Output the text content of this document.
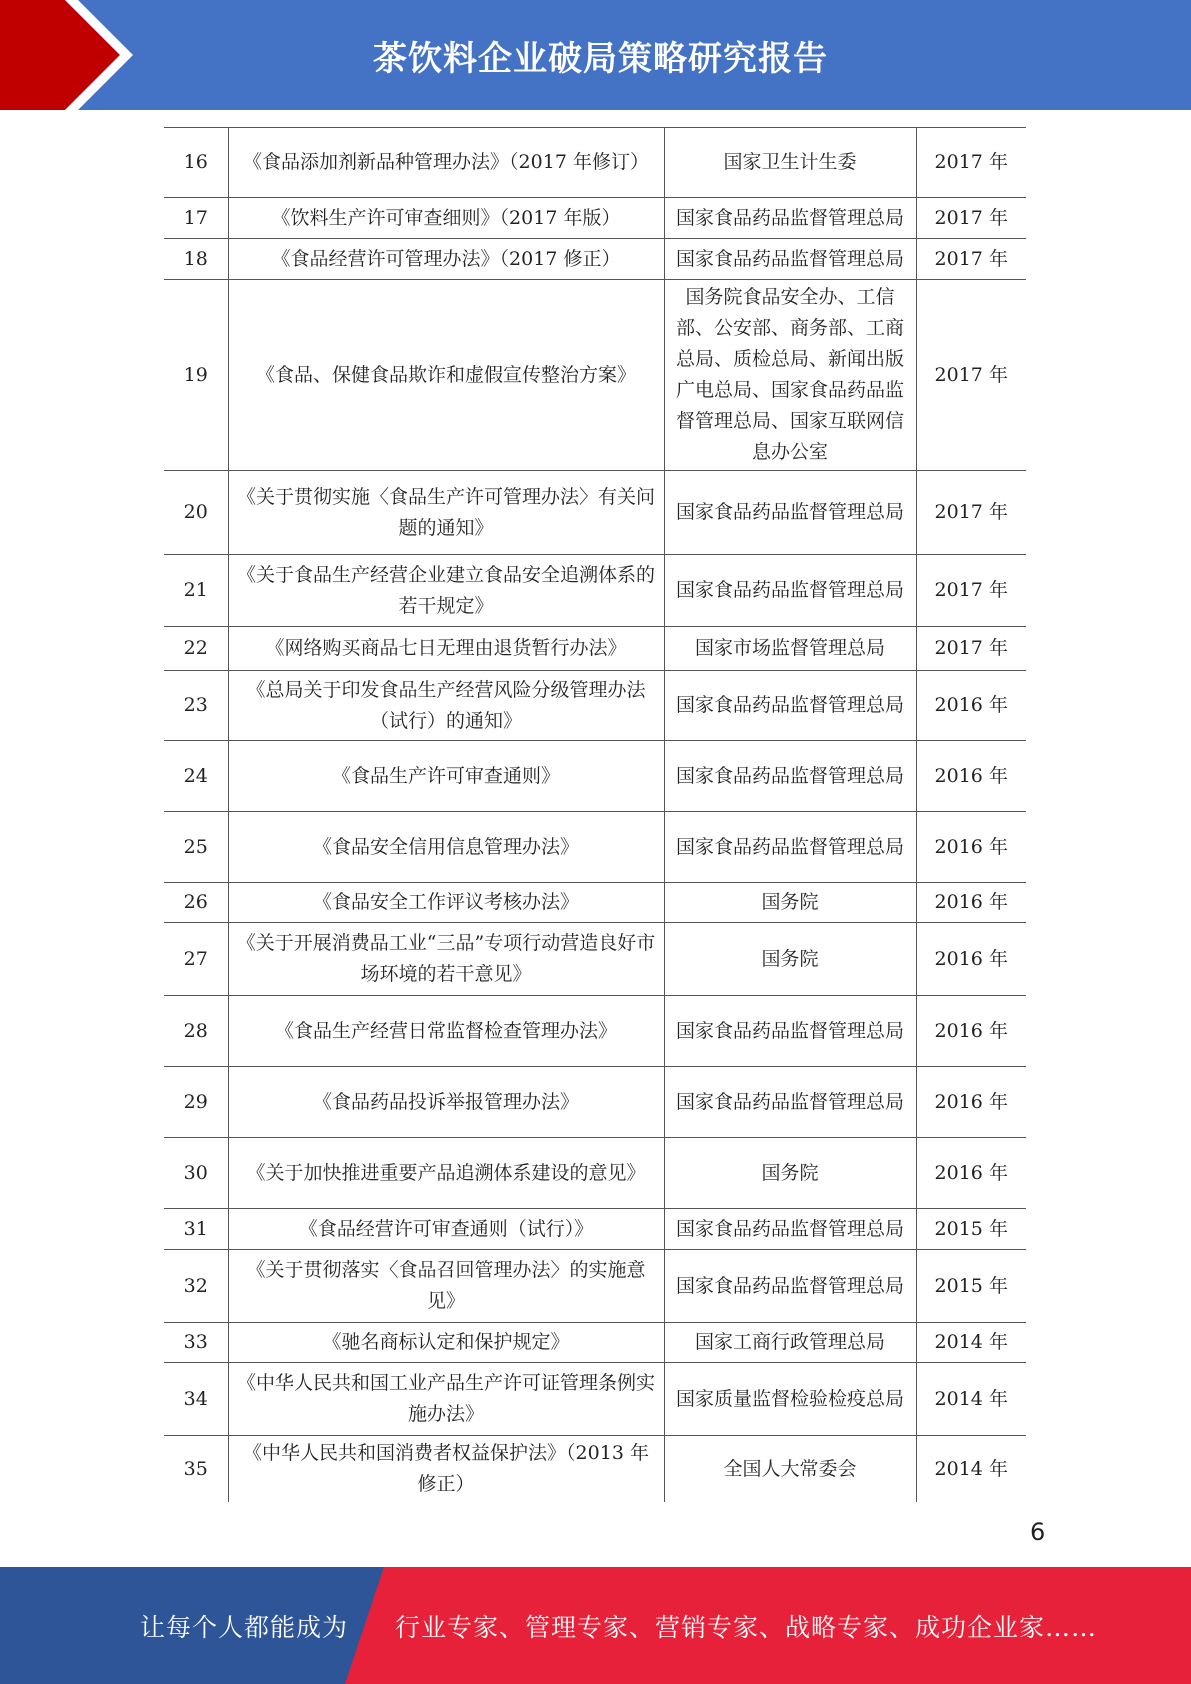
茶饮料企业破局策略研究报告
16	《食品添加剂新品种管理办法》（2017 年修订）	国家卫生计生委	2017 年
17	《饮料生产许可审查细则》（2017 年版）	国家食品药品监督管理总局	2017 年
18	《食品经营许可管理办法》（2017 修正）	国家食品药品监督管理总局	2017 年
19	《食品、保健食品欺诈和虚假宣传整治方案》	国务院食品安全办、工信部、公安部、商务部、工商总局、质检总局、新闻出版广电总局、国家食品药品监督管理总局、国家互联网信息办公室	2017 年
20	《关于贯彻实施〈食品生产许可管理办法〉有关问题的通知》	国家食品药品监督管理总局	2017 年
21	《关于食品生产经营企业建立食品安全追溯体系的若干规定》	国家食品药品监督管理总局	2017 年
22	《网络购买商品七日无理由退货暂行办法》	国家市场监督管理总局	2017 年
23	《总局关于印发食品生产经营风险分级管理办法（试行）的通知》	国家食品药品监督管理总局	2016 年
24	《食品生产许可审查通则》	国家食品药品监督管理总局	2016 年
25	《食品安全信用信息管理办法》	国家食品药品监督管理总局	2016 年
26	《食品安全工作评议考核办法》	国务院	2016 年
27	《关于开展消费品工业“三品”专项行动营造良好市场环境的若干意见》	国务院	2016 年
28	《食品生产经营日常监督检查管理办法》	国家食品药品监督管理总局	2016 年
29	《食品药品投诉举报管理办法》	国家食品药品监督管理总局	2016 年
30	《关于加快推进重要产品追溯体系建设的意见》	国务院	2016 年
31	《食品经营许可审查通则（试行）》	国家食品药品监督管理总局	2015 年
32	《关于贯彻落实〈食品召回管理办法〉的实施意见》	国家食品药品监督管理总局	2015 年
33	《驰名商标认定和保护规定》	国家工商行政管理总局	2014 年
34	《中华人民共和国工业产品生产许可证管理条例实施办法》	国家质量监督检验检疫总局	2014 年
35	《中华人民共和国消费者权益保护法》（2013 年修正）	全国人大常委会	2014 年
6
让每个人都能成为 行业专家、管理专家、营销专家、战略专家、成功企业家……
